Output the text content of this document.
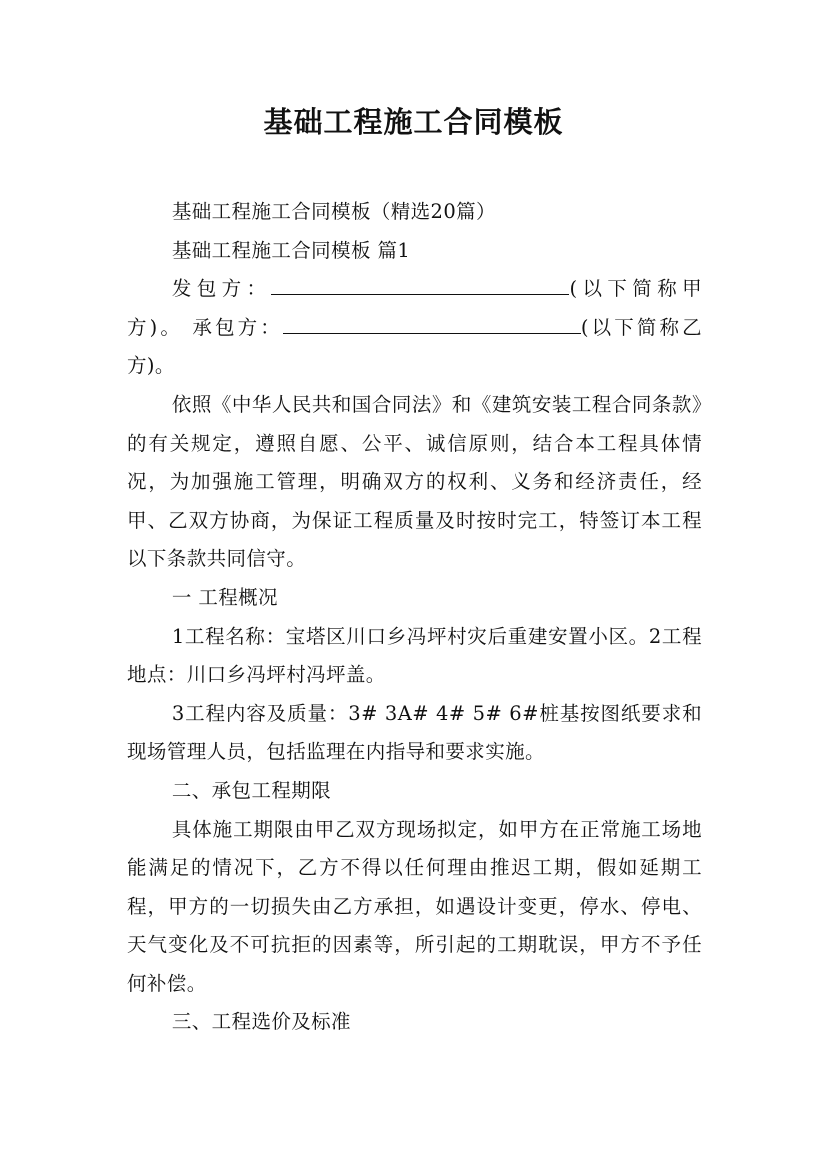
基础工程施工合同模板

基础工程施工合同模板（精选20篇）

基础工程施工合同模板 篇1

发包方：	(以下简称甲方)。 承包方：	(以下简称乙方)。

依照《中华人民共和国合同法》和《建筑安装工程合同条款》的有关规定，遵照自愿、公平、诚信原则，结合本工程具体情况，为加强施工管理，明确双方的权利、义务和经济责任，经甲、乙双方协商，为保证工程质量及时按时完工，特签订本工程以下条款共同信守。

一 工程概况

1工程名称：宝塔区川口乡冯坪村灾后重建安置小区。2工程地点：川口乡冯坪村冯坪盖。

3工程内容及质量：3# 3A# 4# 5# 6#桩基按图纸要求和现场管理人员，包括监理在内指导和要求实施。

二、承包工程期限

具体施工期限由甲乙双方现场拟定，如甲方在正常施工场地能满足的情况下，乙方不得以任何理由推迟工期，假如延期工程，甲方的一切损失由乙方承担，如遇设计变更，停水、停电、天气变化及不可抗拒的因素等，所引起的工期耽误，甲方不予任何补偿。

三、工程选价及标准
